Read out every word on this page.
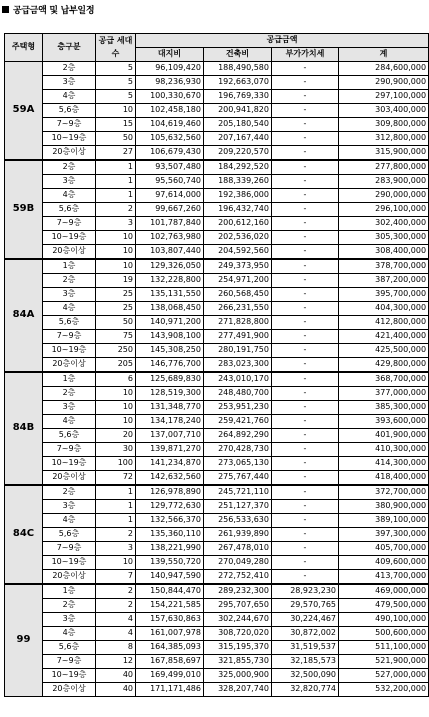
공급금액 및 납부일정
주택형	층구분	공급 세대수	공급금액			
			대지비	건축비	부가가치세	계
59A	2층	5	96,109,420	188,490,580	-	284,600,000
	3층	5	98,236,930	192,663,070	-	290,900,000
	4층	5	100,330,670	196,769,330	-	297,100,000
	5,6층	10	102,458,180	200,941,820	-	303,400,000
	7~9층	15	104,619,460	205,180,540	-	309,800,000
	10~19층	50	105,632,560	207,167,440	-	312,800,000
	20층이상	27	106,679,430	209,220,570	-	315,900,000
59B	2층	1	93,507,480	184,292,520	-	277,800,000
	3층	1	95,560,740	188,339,260	-	283,900,000
	4층	1	97,614,000	192,386,000	-	290,000,000
	5,6층	2	99,667,260	196,432,740	-	296,100,000
	7~9층	3	101,787,840	200,612,160	-	302,400,000
	10~19층	10	102,763,980	202,536,020	-	305,300,000
	20층이상	10	103,807,440	204,592,560	-	308,400,000
84A	1층	10	129,326,050	249,373,950	-	378,700,000
	2층	19	132,228,800	254,971,200	-	387,200,000
	3층	25	135,131,550	260,568,450	-	395,700,000
	4층	25	138,068,450	266,231,550	-	404,300,000
	5,6층	50	140,971,200	271,828,800	-	412,800,000
	7~9층	75	143,908,100	277,491,900	-	421,400,000
	10~19층	250	145,308,250	280,191,750	-	425,500,000
	20층이상	205	146,776,700	283,023,300	-	429,800,000
84B	1층	6	125,689,830	243,010,170	-	368,700,000
	2층	10	128,519,300	248,480,700	-	377,000,000
	3층	10	131,348,770	253,951,230	-	385,300,000
	4층	10	134,178,240	259,421,760	-	393,600,000
	5,6층	20	137,007,710	264,892,290	-	401,900,000
	7~9층	30	139,871,270	270,428,730	-	410,300,000
	10~19층	100	141,234,870	273,065,130	-	414,300,000
	20층이상	72	142,632,560	275,767,440	-	418,400,000
84C	2층	1	126,978,890	245,721,110	-	372,700,000
	3층	1	129,772,630	251,127,370	-	380,900,000
	4층	1	132,566,370	256,533,630	-	389,100,000
	5,6층	2	135,360,110	261,939,890	-	397,300,000
	7~9층	3	138,221,990	267,478,010	-	405,700,000
	10~19층	10	139,550,720	270,049,280	-	409,600,000
	20층이상	7	140,947,590	272,752,410	-	413,700,000
99	1층	2	150,844,470	289,232,300	28,923,230	469,000,000
	2층	2	154,221,585	295,707,650	29,570,765	479,500,000
	3층	4	157,630,863	302,244,670	30,224,467	490,100,000
	4층	4	161,007,978	308,720,020	30,872,002	500,600,000
	5,6층	8	164,385,093	315,195,370	31,519,537	511,100,000
	7~9층	12	167,858,697	321,855,730	32,185,573	521,900,000
	10~19층	40	169,499,010	325,000,900	32,500,090	527,000,000
	20층이상	40	171,171,486	328,207,740	32,820,774	532,200,000
